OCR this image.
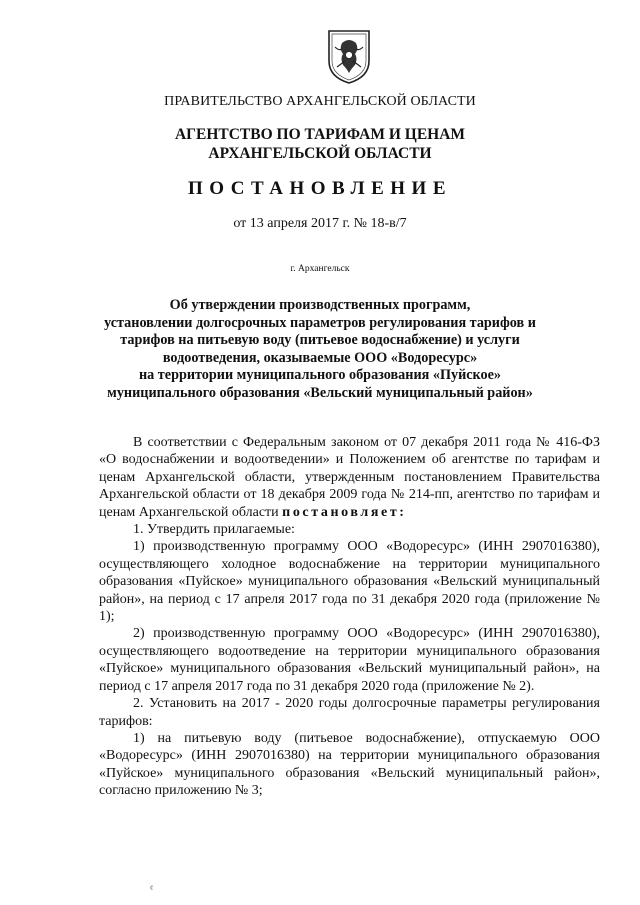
ПРАВИТЕЛЬСТВО АРХАНГЕЛЬСКОЙ ОБЛАСТИ
АГЕНТСТВО ПО ТАРИФАМ И ЦЕНАМ
АРХАНГЕЛЬСКОЙ ОБЛАСТИ
ПОСТАНОВЛЕНИЕ
от 13 апреля 2017 г. № 18-в/7
г. Архангельск
Об утверждении производственных программ,
установлении долгосрочных параметров регулирования тарифов и
тарифов на питьевую воду (питьевое водоснабжение) и услуги
водоотведения, оказываемые ООО «Водоресурс»
на территории муниципального образования «Пуйское»
муниципального образования «Вельский муниципальный район»

В соответствии с Федеральным законом от 07 декабря 2011 года № 416-ФЗ «О водоснабжении и водоотведении» и Положением об агентстве по тарифам и ценам Архангельской области, утвержденным постановлением Правительства Архангельской области от 18 декабря 2009 года № 214-пп, агентство по тарифам и ценам Архангельской области постановляет:

1. Утвердить прилагаемые:

1) производственную программу ООО «Водоресурс» (ИНН 2907016380), осуществляющего холодное водоснабжение на территории муниципального образования «Пуйское» муниципального образования «Вельский муниципальный район», на период с 17 апреля 2017 года по 31 декабря 2020 года (приложение № 1);

2) производственную программу ООО «Водоресурс» (ИНН 2907016380), осуществляющего водоотведение на территории муниципального образования «Пуйское» муниципального образования «Вельский муниципальный район», на период с 17 апреля 2017 года по 31 декабря 2020 года (приложение № 2).

2. Установить на 2017 - 2020 годы долгосрочные параметры регулирования тарифов:

1) на питьевую воду (питьевое водоснабжение), отпускаемую ООО «Водоресурс» (ИНН 2907016380) на территории муниципального образования «Пуйское» муниципального образования «Вельский муниципальный район», согласно приложению № 3;

¢
